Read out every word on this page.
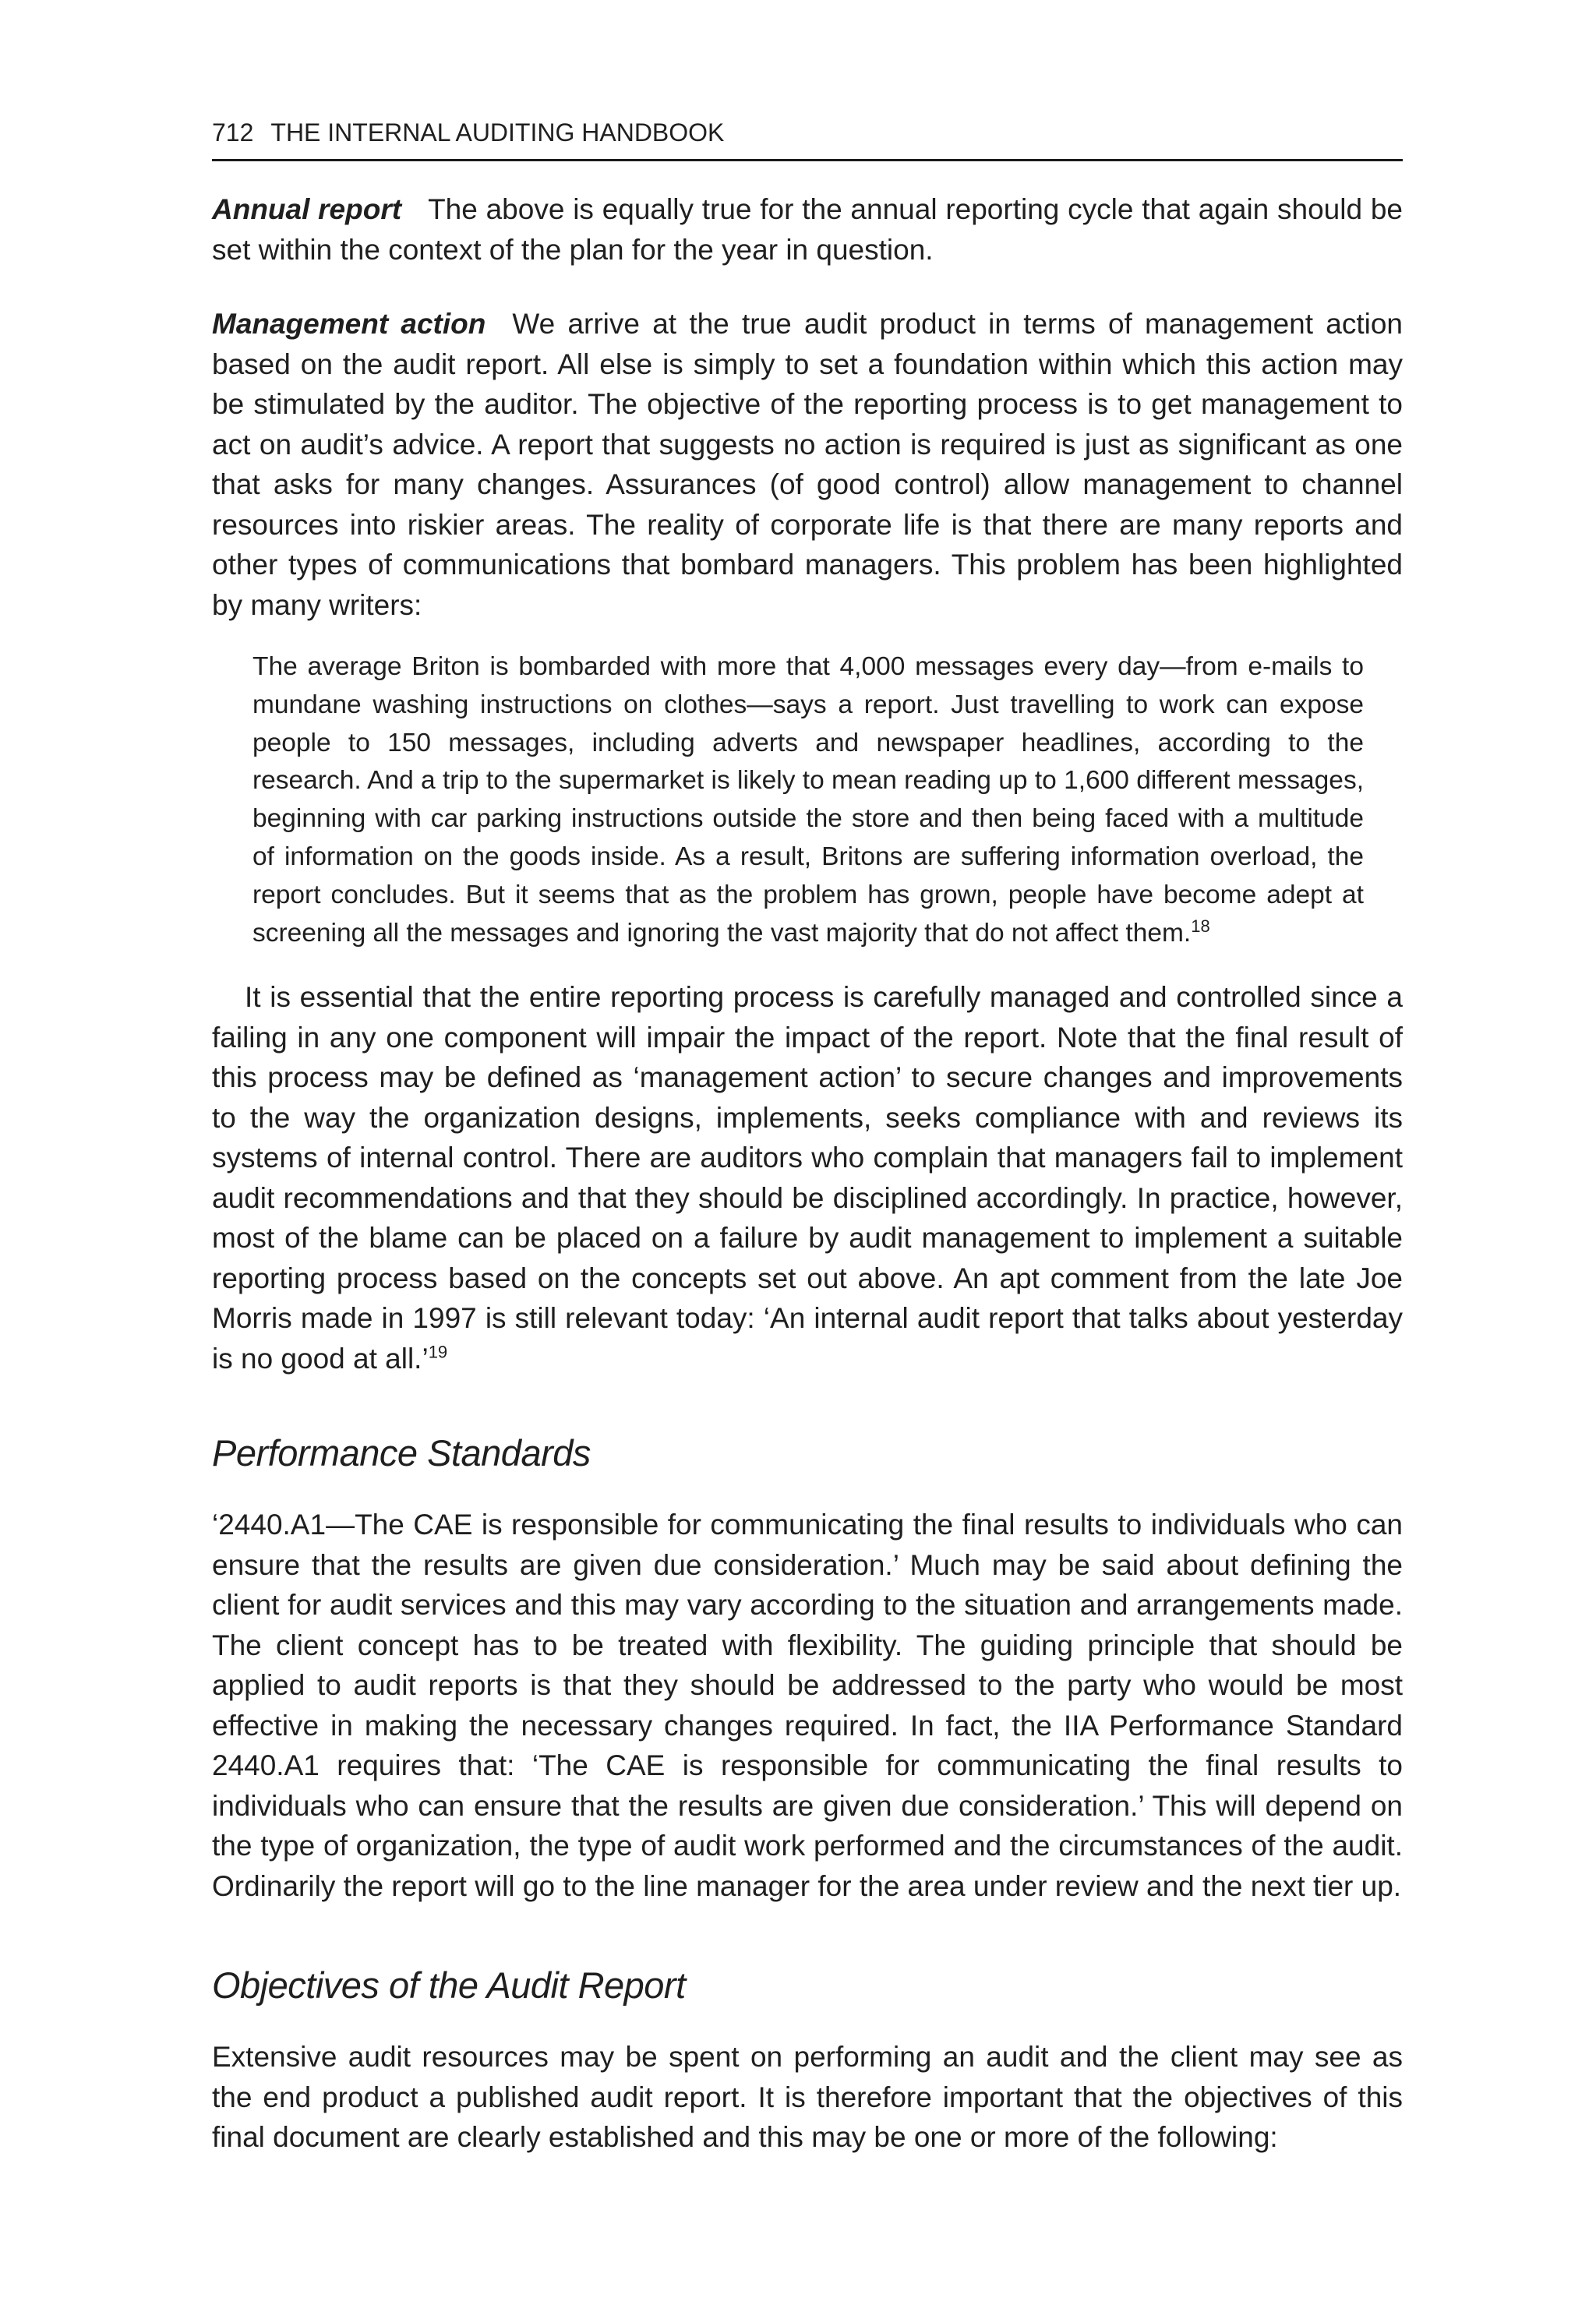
712 THE INTERNAL AUDITING HANDBOOK

Annual report The above is equally true for the annual reporting cycle that again should be set within the context of the plan for the year in question.

Management action We arrive at the true audit product in terms of management action based on the audit report. All else is simply to set a foundation within which this action may be stimulated by the auditor. The objective of the reporting process is to get management to act on audit’s advice. A report that suggests no action is required is just as significant as one that asks for many changes. Assurances (of good control) allow management to channel resources into riskier areas. The reality of corporate life is that there are many reports and other types of communications that bombard managers. This problem has been highlighted by many writers:

The average Briton is bombarded with more that 4,000 messages every day—from e-mails to mundane washing instructions on clothes—says a report. Just travelling to work can expose people to 150 messages, including adverts and newspaper headlines, according to the research. And a trip to the supermarket is likely to mean reading up to 1,600 different messages, beginning with car parking instructions outside the store and then being faced with a multitude of information on the goods inside. As a result, Britons are suffering information overload, the report concludes. But it seems that as the problem has grown, people have become adept at screening all the messages and ignoring the vast majority that do not affect them.$^{18}$

It is essential that the entire reporting process is carefully managed and controlled since a failing in any one component will impair the impact of the report. Note that the final result of this process may be defined as ‘management action’ to secure changes and improvements to the way the organization designs, implements, seeks compliance with and reviews its systems of internal control. There are auditors who complain that managers fail to implement audit recommendations and that they should be disciplined accordingly. In practice, however, most of the blame can be placed on a failure by audit management to implement a suitable reporting process based on the concepts set out above. An apt comment from the late Joe Morris made in 1997 is still relevant today: ‘An internal audit report that talks about yesterday is no good at all.’$^{19}$

Performance Standards

‘2440.A1—The CAE is responsible for communicating the final results to individuals who can ensure that the results are given due consideration.’ Much may be said about defining the client for audit services and this may vary according to the situation and arrangements made. The client concept has to be treated with flexibility. The guiding principle that should be applied to audit reports is that they should be addressed to the party who would be most effective in making the necessary changes required. In fact, the IIA Performance Standard 2440.A1 requires that: ‘The CAE is responsible for communicating the final results to individuals who can ensure that the results are given due consideration.’ This will depend on the type of organization, the type of audit work performed and the circumstances of the audit. Ordinarily the report will go to the line manager for the area under review and the next tier up.

Objectives of the Audit Report

Extensive audit resources may be spent on performing an audit and the client may see as the end product a published audit report. It is therefore important that the objectives of this final document are clearly established and this may be one or more of the following:
